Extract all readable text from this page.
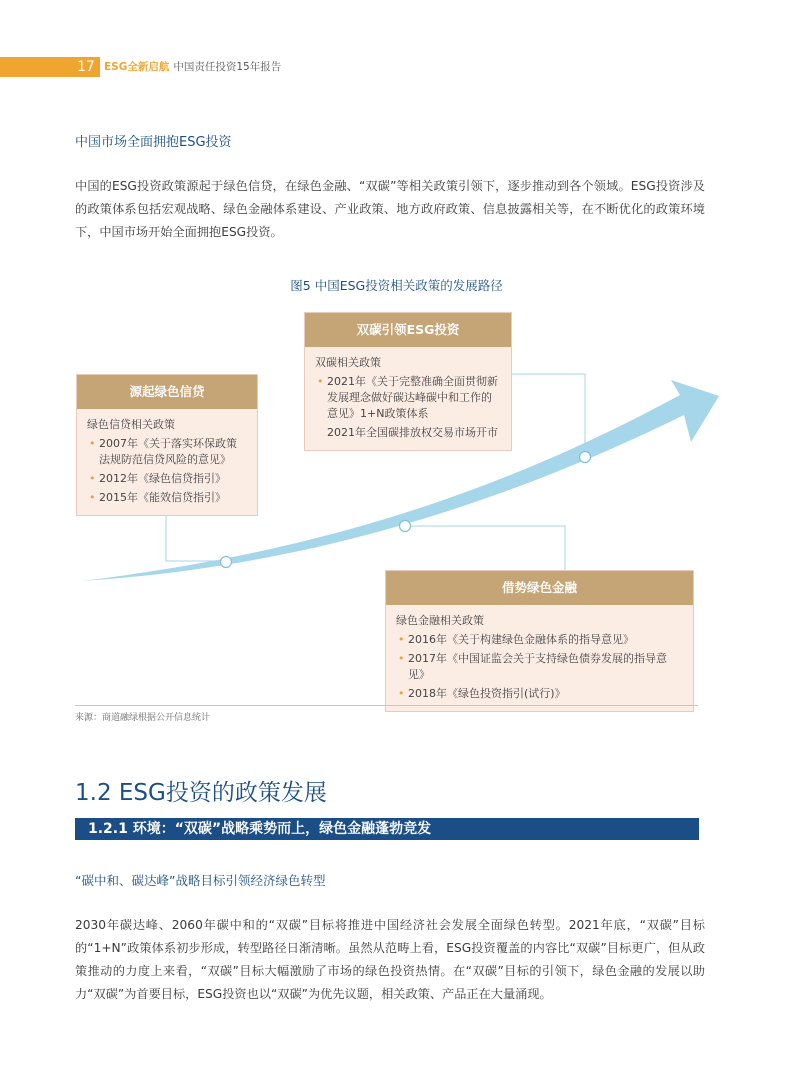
17 ESG全新启航 中国责任投资15年报告
中国市场全面拥抱ESG投资
中国的ESG投资政策源起于绿色信贷，在绿色金融、“双碳”等相关政策引领下，逐步推动到各个领域。ESG投资涉及的政策体系包括宏观战略、绿色金融体系建设、产业政策、地方政府政策、信息披露相关等，在不断优化的政策环境下，中国市场开始全面拥抱ESG投资。
图5 中国ESG投资相关政策的发展路径
源起绿色信贷
绿色信贷相关政策
• 2007年《关于落实环保政策法规防范信贷风险的意见》
• 2012年《绿色信贷指引》
• 2015年《能效信贷指引》
双碳引领ESG投资
双碳相关政策
• 2021年《关于完整准确全面贯彻新发展理念做好碳达峰碳中和工作的意见》1+N政策体系
2021年全国碳排放权交易市场开市
借势绿色金融
绿色金融相关政策
• 2016年《关于构建绿色金融体系的指导意见》
• 2017年《中国证监会关于支持绿色债券发展的指导意见》
• 2018年《绿色投资指引(试行)》
来源：商道融绿根据公开信息统计
1.2 ESG投资的政策发展
1.2.1 环境：“双碳”战略乘势而上，绿色金融蓬勃竞发
“碳中和、碳达峰”战略目标引领经济绿色转型
2030年碳达峰、2060年碳中和的“双碳”目标将推进中国经济社会发展全面绿色转型。2021年底，“双碳”目标的“1+N”政策体系初步形成，转型路径日渐清晰。虽然从范畴上看，ESG投资覆盖的内容比“双碳”目标更广，但从政策推动的力度上来看，“双碳”目标大幅激励了市场的绿色投资热情。在“双碳”目标的引领下，绿色金融的发展以助力“双碳”为首要目标，ESG投资也以“双碳”为优先议题，相关政策、产品正在大量涌现。
